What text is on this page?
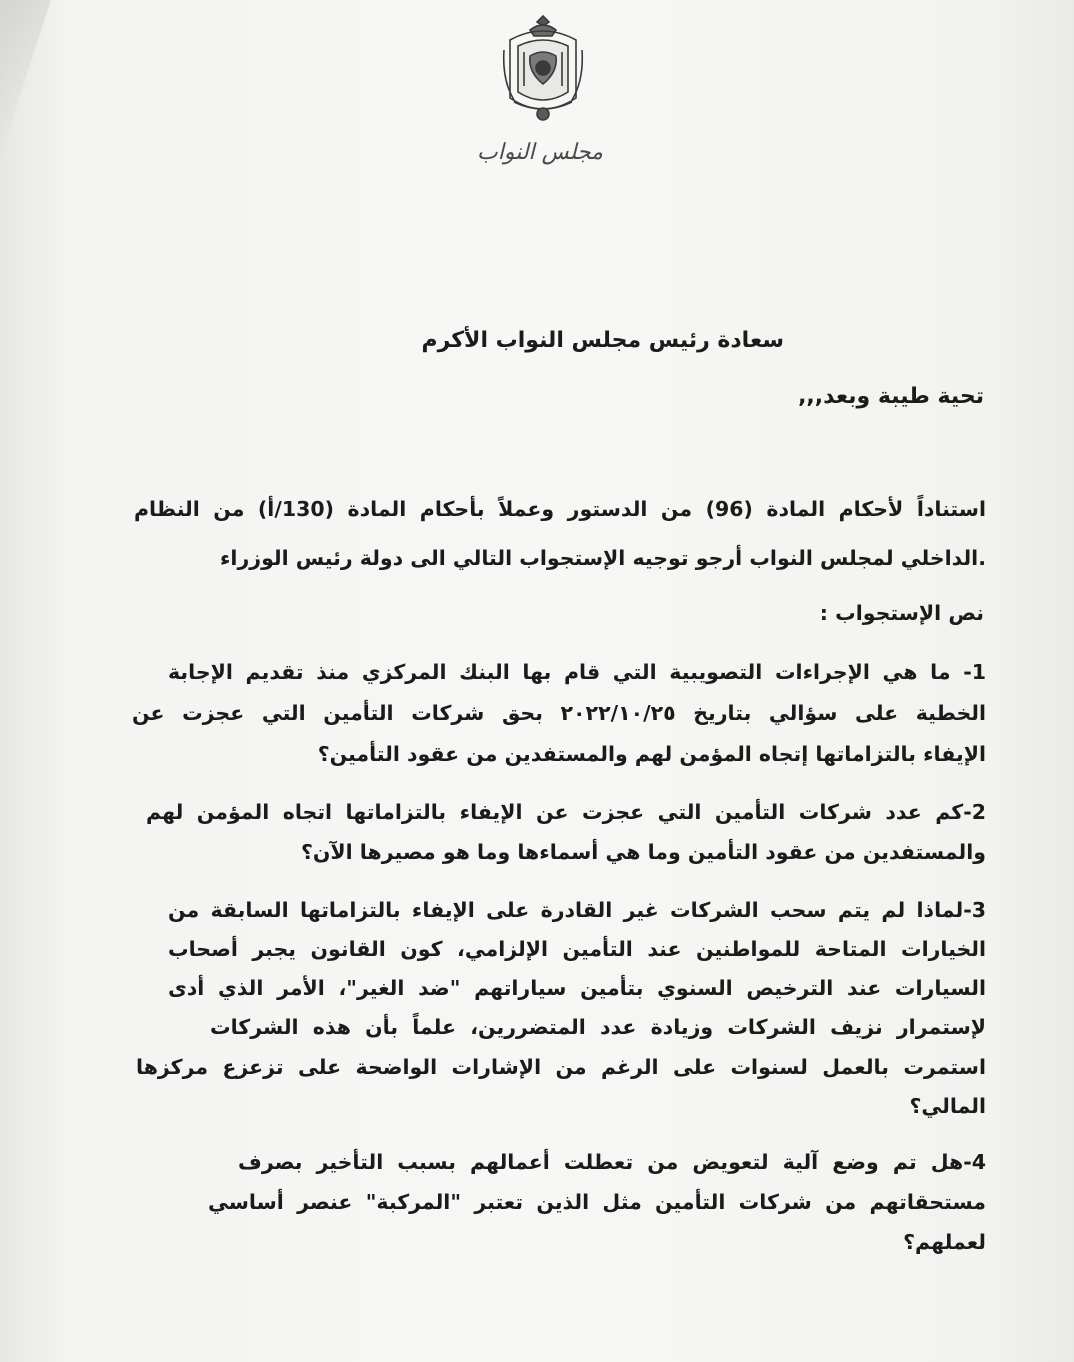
مجلس النواب
سعادة رئيس مجلس النواب الأكرم
تحية طيبة وبعد,,,
استناداً لأحكام المادة (96) من الدستور وعملاً بأحكام المادة (130/أ) من النظام
.الداخلي لمجلس النواب أرجو توجيه الإستجواب التالي الى دولة رئيس الوزراء
نص الإستجواب :
1- ما هي الإجراءات التصويبية التي قام بها البنك المركزي منذ تقديم الإجابة
الخطية على سؤالي بتاريخ ٢٠٢٢/١٠/٢٥ بحق شركات التأمين التي عجزت عن
الإيفاء بالتزاماتها إتجاه المؤمن لهم والمستفدين من عقود التأمين؟
2-كم عدد شركات التأمين التي عجزت عن الإيفاء بالتزاماتها اتجاه المؤمن لهم
والمستفدين من عقود التأمين وما هي أسماءها وما هو مصيرها الآن؟
3-لماذا لم يتم سحب الشركات غير القادرة على الإيفاء بالتزاماتها السابقة من
الخيارات المتاحة للمواطنين عند التأمين الإلزامي، كون القانون يجبر أصحاب
السيارات عند الترخيص السنوي بتأمين سياراتهم "ضد الغير"، الأمر الذي أدى
لإستمرار نزيف الشركات وزيادة عدد المتضررين، علماً بأن هذه الشركات
استمرت بالعمل لسنوات على الرغم من الإشارات الواضحة على تزعزع مركزها
المالي؟
4-هل تم وضع آلية لتعويض من تعطلت أعمالهم بسبب التأخير بصرف
مستحقاتهم من شركات التأمين مثل الذين تعتبر "المركبة" عنصر أساسي
لعملهم؟
